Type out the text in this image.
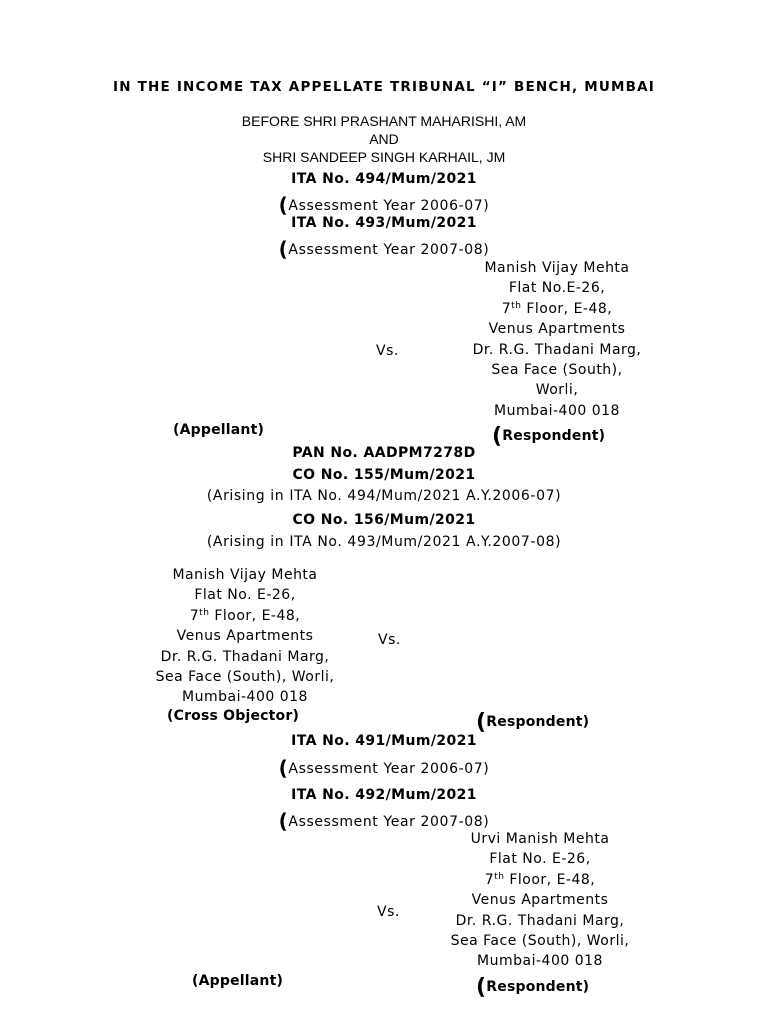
IN THE INCOME TAX APPELLATE TRIBUNAL “I” BENCH, MUMBAI
BEFORE SHRI PRASHANT MAHARISHI, AM
AND
SHRI SANDEEP SINGH KARHAIL, JM
ITA No. 494/Mum/2021
(Assessment Year 2006-07)
ITA No. 493/Mum/2021
(Assessment Year 2007-08)
Manish Vijay Mehta
Flat No.E-26,
7th Floor, E-48,
Venus Apartments
Dr. R.G. Thadani Marg,
Sea Face (South),
Worli,
Mumbai-400 018
Vs.
(Appellant)	(Respondent)
PAN No. AADPM7278D
CO No. 155/Mum/2021
(Arising in ITA No. 494/Mum/2021 A.Y.2006-07)
CO No. 156/Mum/2021
(Arising in ITA No. 493/Mum/2021 A.Y.2007-08)
Manish Vijay Mehta
Flat No. E-26,
7th Floor, E-48,
Venus Apartments
Dr. R.G. Thadani Marg,
Sea Face (South), Worli,
Mumbai-400 018
Vs.
(Cross Objector)	(Respondent)
ITA No. 491/Mum/2021
(Assessment Year 2006-07)
ITA No. 492/Mum/2021
(Assessment Year 2007-08)
Urvi Manish Mehta
Flat No. E-26,
7th Floor, E-48,
Venus Apartments
Dr. R.G. Thadani Marg,
Sea Face (South), Worli,
Mumbai-400 018
Vs.
(Appellant)	(Respondent)
